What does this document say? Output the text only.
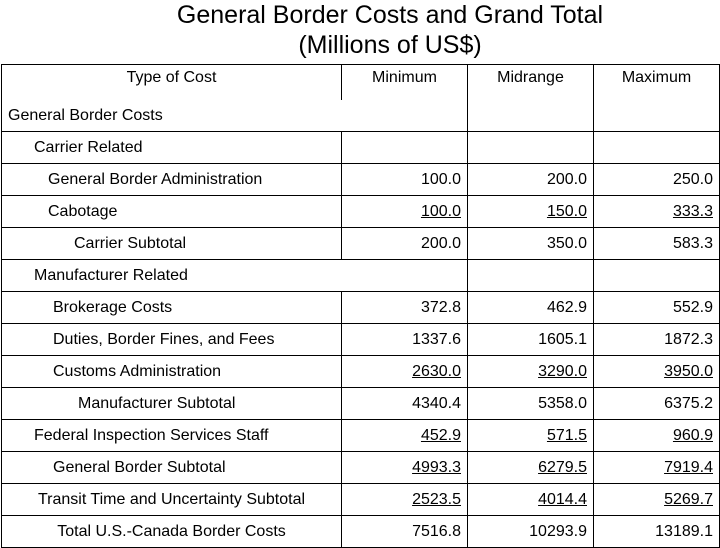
General Border Costs and Grand Total
(Millions of US$)
Type of Cost	Minimum	Midrange	Maximum
General Border Costs			
Carrier Related			
General Border Administration	100.0	200.0	250.0
Cabotage	100.0	150.0	333.3
Carrier Subtotal	200.0	350.0	583.3
Manufacturer Related			
Brokerage Costs	372.8	462.9	552.9
Duties, Border Fines, and Fees	1337.6	1605.1	1872.3
Customs Administration	2630.0	3290.0	3950.0
Manufacturer Subtotal	4340.4	5358.0	6375.2
Federal Inspection Services Staff	452.9	571.5	960.9
General Border Subtotal	4993.3	6279.5	7919.4
Transit Time and Uncertainty Subtotal	2523.5	4014.4	5269.7
Total U.S.-Canada Border Costs	7516.8	10293.9	13189.1
